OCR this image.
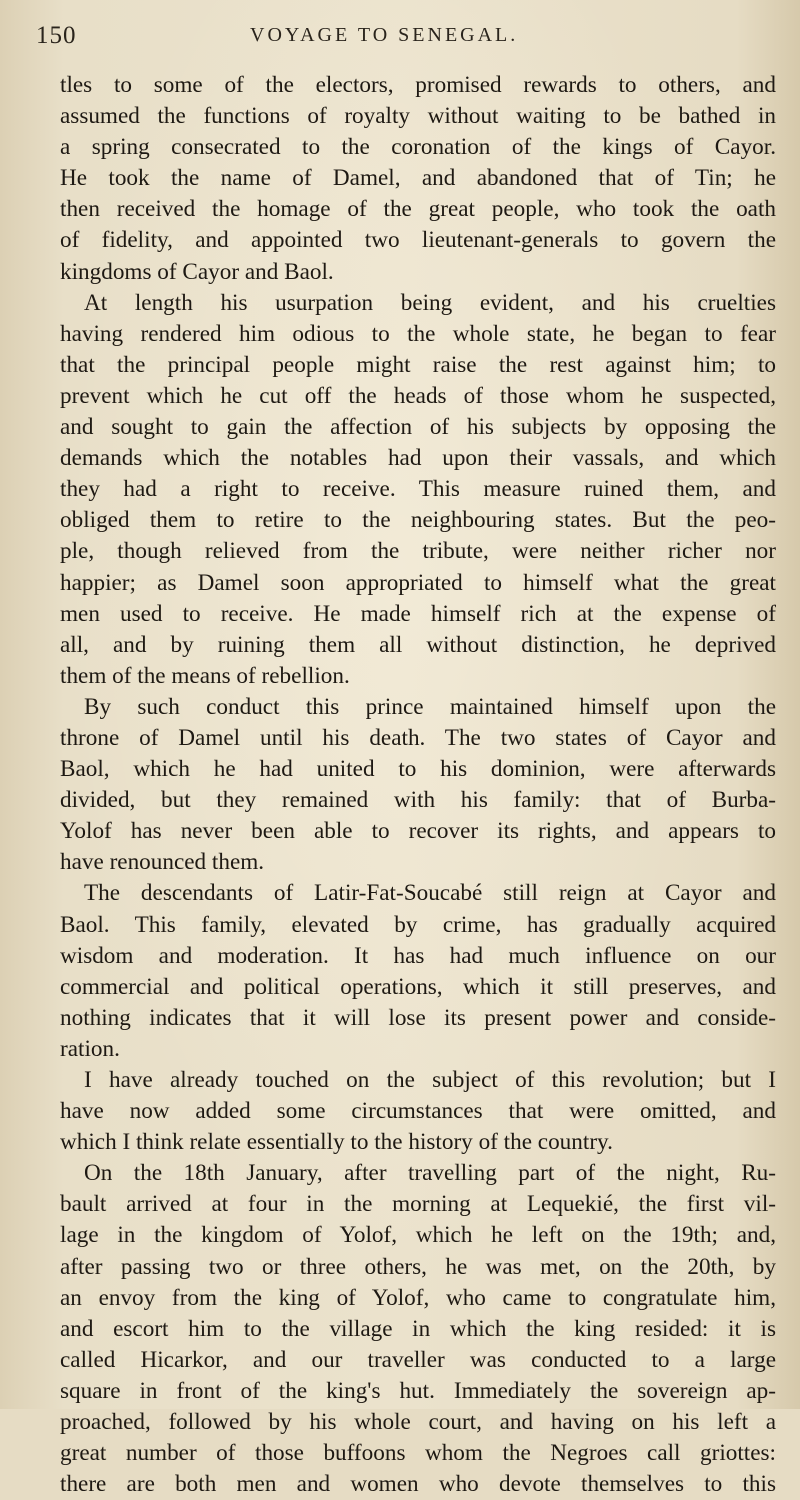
150	VOYAGE TO SENEGAL.
tles to some of the electors, promised rewards to others, and
assumed the functions of royalty without waiting to be bathed in
a spring consecrated to the coronation of the kings of Cayor.
He took the name of Damel, and abandoned that of Tin; he
then received the homage of the great people, who took the oath
of fidelity, and appointed two lieutenant-generals to govern the
kingdoms of Cayor and Baol.
At length his usurpation being evident, and his cruelties
having rendered him odious to the whole state, he began to fear
that the principal people might raise the rest against him; to
prevent which he cut off the heads of those whom he suspected,
and sought to gain the affection of his subjects by opposing the
demands which the notables had upon their vassals, and which
they had a right to receive. This measure ruined them, and
obliged them to retire to the neighbouring states. But the peo-
ple, though relieved from the tribute, were neither richer nor
happier; as Damel soon appropriated to himself what the great
men used to receive. He made himself rich at the expense of
all, and by ruining them all without distinction, he deprived
them of the means of rebellion.
By such conduct this prince maintained himself upon the
throne of Damel until his death. The two states of Cayor and
Baol, which he had united to his dominion, were afterwards
divided, but they remained with his family: that of Burba-
Yolof has never been able to recover its rights, and appears to
have renounced them.
The descendants of Latir-Fat-Soucabé still reign at Cayor and
Baol. This family, elevated by crime, has gradually acquired
wisdom and moderation. It has had much influence on our
commercial and political operations, which it still preserves, and
nothing indicates that it will lose its present power and conside-
ration.
I have already touched on the subject of this revolution; but I
have now added some circumstances that were omitted, and
which I think relate essentially to the history of the country.
On the 18th January, after travelling part of the night, Ru-
bault arrived at four in the morning at Lequekié, the first vil-
lage in the kingdom of Yolof, which he left on the 19th; and,
after passing two or three others, he was met, on the 20th, by
an envoy from the king of Yolof, who came to congratulate him,
and escort him to the village in which the king resided: it is
called Hicarkor, and our traveller was conducted to a large
square in front of the king's hut. Immediately the sovereign ap-
proached, followed by his whole court, and having on his left a
great number of those buffoons whom the Negroes call griottes:
there are both men and women who devote themselves to this
